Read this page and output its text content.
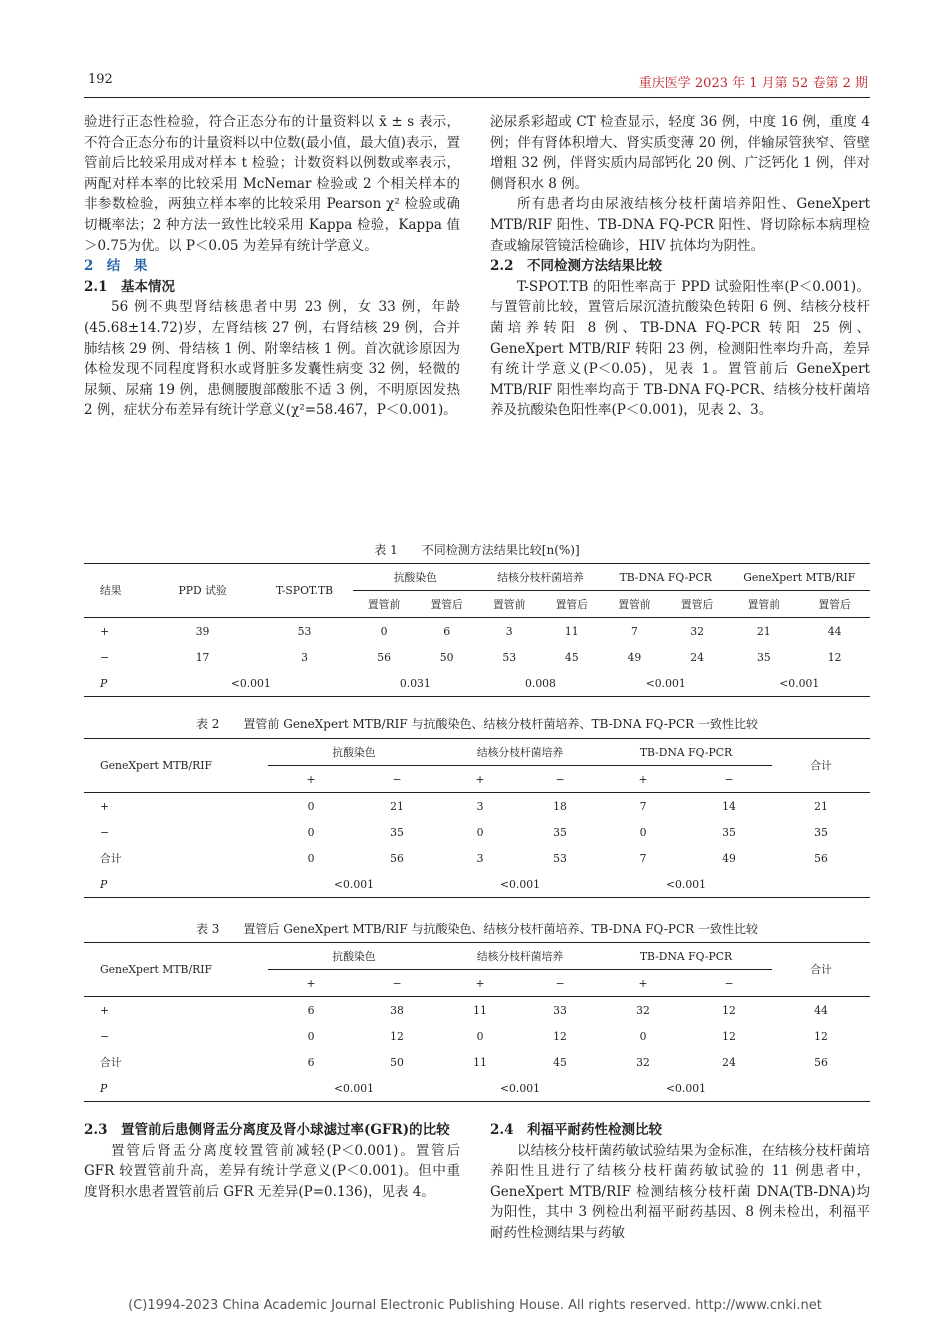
192	重庆医学 2023 年 1 月第 52 卷第 2 期

验进行正态性检验，符合正态分布的计量资料以 x̄ ± s 表示，不符合正态分布的计量资料以中位数(最小值，最大值)表示，置管前后比较采用成对样本 t 检验；计数资料以例数或率表示，两配对样本率的比较采用 McNemar 检验或 2 个相关样本的非参数检验，两独立样本率的比较采用 Pearson χ² 检验或确切概率法；2 种方法一致性比较采用 Kappa 检验，Kappa 值＞0.75为优。以 P＜0.05 为差异有统计学意义。

2　结　果

2.1　基本情况

56 例不典型肾结核患者中男 23 例，女 33 例，年龄(45.68±14.72)岁，左肾结核 27 例，右肾结核 29 例，合并肺结核 29 例、骨结核 1 例、附睾结核 1 例。首次就诊原因为体检发现不同程度肾积水或肾脏多发囊性病变 32 例，轻微的尿频、尿痛 19 例，患侧腰腹部酸胀不适 3 例，不明原因发热 2 例，症状分布差异有统计学意义(χ²=58.467，P＜0.001)。

泌尿系彩超或 CT 检查显示，轻度 36 例，中度 16 例，重度 4 例；伴有肾体积增大、肾实质变薄 20 例，伴输尿管狭窄、管壁增粗 32 例，伴肾实质内局部钙化 20 例、广泛钙化 1 例，伴对侧肾积水 8 例。

所有患者均由尿液结核分枝杆菌培养阳性、GeneXpert MTB/RIF 阳性、TB-DNA FQ-PCR 阳性、肾切除标本病理检查或输尿管镜活检确诊，HIV 抗体均为阴性。

2.2　不同检测方法结果比较

T-SPOT.TB 的阳性率高于 PPD 试验阳性率(P＜0.001)。与置管前比较，置管后尿沉渣抗酸染色转阳 6 例、结核分枝杆菌培养转阳 8 例、TB-DNA FQ-PCR 转阳 25 例、GeneXpert MTB/RIF 转阳 23 例，检测阳性率均升高，差异有统计学意义(P＜0.05)，见表 1。置管前后 GeneXpert MTB/RIF 阳性率均高于 TB-DNA FQ-PCR、结核分枝杆菌培养及抗酸染色阳性率(P＜0.001)，见表 2、3。

表 1　　不同检测方法结果比较[n(%)]
结果	PPD 试验	T-SPOT.TB	抗酸染色		结核分枝杆菌培养		TB-DNA FQ-PCR		GeneXpert MTB/RIF	
			置管前	置管后	置管前	置管后	置管前	置管后	置管前	置管后
+	39	53	0	6	3	11	7	32	21	44
−	17	3	56	50	53	45	49	24	35	12
P	<0.001		0.031		0.008		<0.001		<0.001	
表 2　　置管前 GeneXpert MTB/RIF 与抗酸染色、结核分枝杆菌培养、TB-DNA FQ-PCR 一致性比较
GeneXpert MTB/RIF	抗酸染色		结核分枝杆菌培养		TB-DNA FQ-PCR		合计
	+	−	+	−	+	−	
+	0	21	3	18	7	14	21
−	0	35	0	35	0	35	35
合计	0	56	3	53	7	49	56
P	<0.001		<0.001		<0.001		
表 3　　置管后 GeneXpert MTB/RIF 与抗酸染色、结核分枝杆菌培养、TB-DNA FQ-PCR 一致性比较
GeneXpert MTB/RIF	抗酸染色		结核分枝杆菌培养		TB-DNA FQ-PCR		合计
	+	−	+	−	+	−	
+	6	38	11	33	32	12	44
−	0	12	0	12	0	12	12
合计	6	50	11	45	32	24	56
P	<0.001		<0.001		<0.001		

2.3　置管前后患侧肾盂分离度及肾小球滤过率(GFR)的比较

置管后肾盂分离度较置管前减轻(P＜0.001)。置管后 GFR 较置管前升高，差异有统计学意义(P＜0.001)。但中重度肾积水患者置管前后 GFR 无差异(P=0.136)，见表 4。

2.4　利福平耐药性检测比较

以结核分枝杆菌药敏试验结果为金标准，在结核分枝杆菌培养阳性且进行了结核分枝杆菌药敏试验的 11 例患者中，GeneXpert MTB/RIF 检测结核分枝杆菌 DNA(TB-DNA)均为阳性，其中 3 例检出利福平耐药基因、8 例未检出，利福平耐药性检测结果与药敏

(C)1994-2023 China Academic Journal Electronic Publishing House. All rights reserved. http://www.cnki.net
